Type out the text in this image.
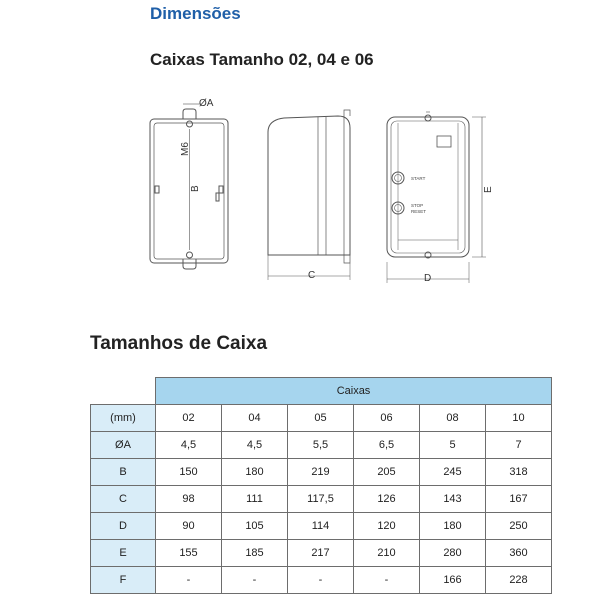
Dimensões
Caixas Tamanho 02, 04 e 06
ØA
M6
B
C
START
STOP
RESET
D
E
Tamanhos de Caixa
	Caixas					
(mm)	02	04	05	06	08	10
ØA	4,5	4,5	5,5	6,5	5	7
B	150	180	219	205	245	318
C	98	111	117,5	126	143	167
D	90	105	114	120	180	250
E	155	185	217	210	280	360
F	-	-	-	-	166	228
